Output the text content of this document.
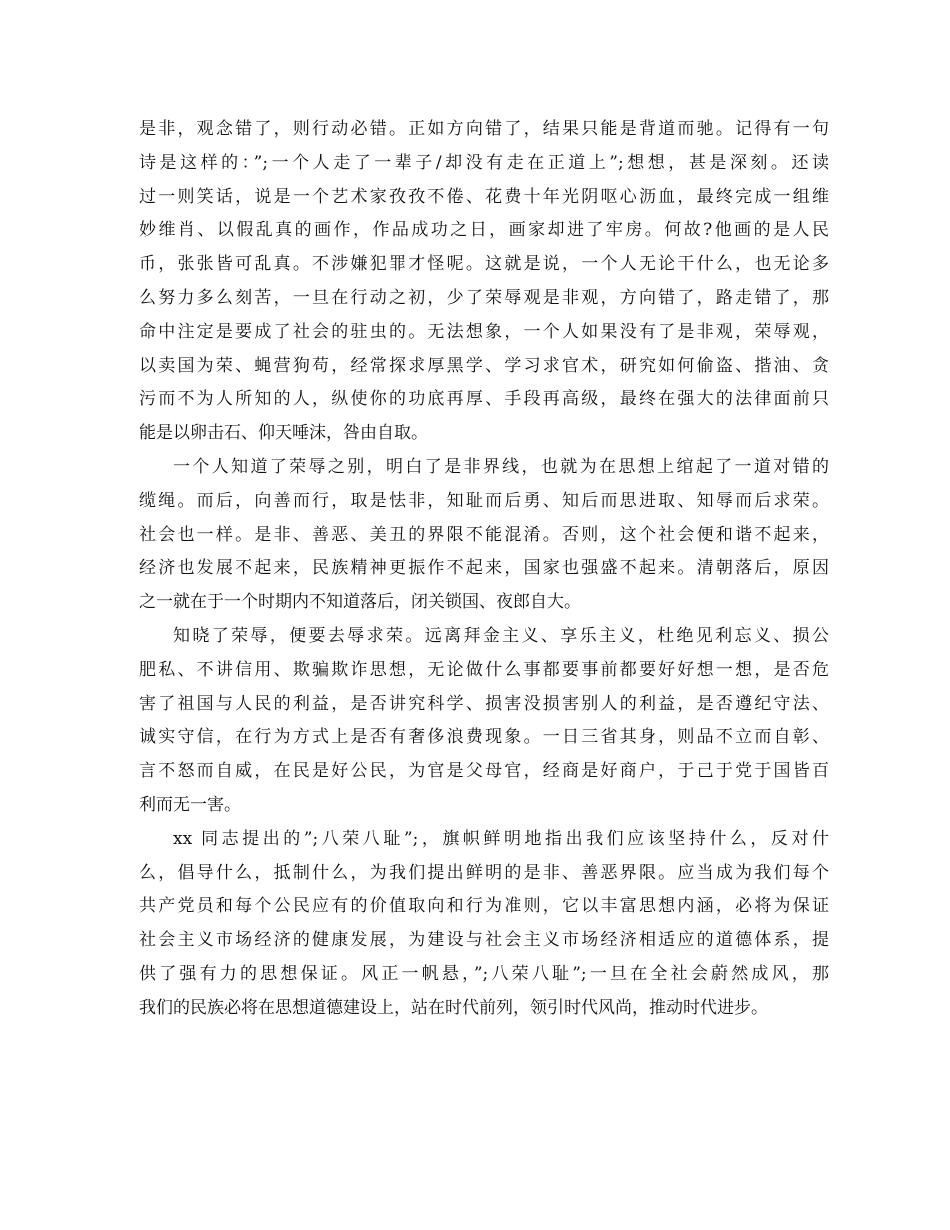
是非，观念错了，则行动必错。正如方向错了，结果只能是背道而驰。记得有一句
诗是这样的：”;一个人走了一辈子/却没有走在正道上”;想想，甚是深刻。还读
过一则笑话，说是一个艺术家孜孜不倦、花费十年光阴呕心沥血，最终完成一组维
妙维肖、以假乱真的画作，作品成功之日，画家却进了牢房。何故?他画的是人民
币，张张皆可乱真。不涉嫌犯罪才怪呢。这就是说，一个人无论干什么，也无论多
么努力多么刻苦，一旦在行动之初，少了荣辱观是非观，方向错了，路走错了，那
命中注定是要成了社会的驻虫的。无法想象，一个人如果没有了是非观，荣辱观，
以卖国为荣、蝇营狗苟，经常探求厚黑学、学习求官术，研究如何偷盗、揩油、贪
污而不为人所知的人，纵使你的功底再厚、手段再高级，最终在强大的法律面前只
能是以卵击石、仰天唾沫，咎由自取。
一个人知道了荣辱之别，明白了是非界线，也就为在思想上绾起了一道对错的
缆绳。而后，向善而行，取是怯非，知耻而后勇、知后而思进取、知辱而后求荣。
社会也一样。是非、善恶、美丑的界限不能混淆。否则，这个社会便和谐不起来，
经济也发展不起来，民族精神更振作不起来，国家也强盛不起来。清朝落后，原因
之一就在于一个时期内不知道落后，闭关锁国、夜郎自大。
知晓了荣辱，便要去辱求荣。远离拜金主义、享乐主义，杜绝见利忘义、损公
肥私、不讲信用、欺骗欺诈思想，无论做什么事都要事前都要好好想一想，是否危
害了祖国与人民的利益，是否讲究科学、损害没损害别人的利益，是否遵纪守法、
诚实守信，在行为方式上是否有奢侈浪费现象。一日三省其身，则品不立而自彰、
言不怒而自威，在民是好公民，为官是父母官，经商是好商户，于己于党于国皆百
利而无一害。
xx 同志提出的”;八荣八耻”;，旗帜鲜明地指出我们应该坚持什么，反对什
么，倡导什么，抵制什么，为我们提出鲜明的是非、善恶界限。应当成为我们每个
共产党员和每个公民应有的价值取向和行为准则，它以丰富思想内涵，必将为保证
社会主义市场经济的健康发展，为建设与社会主义市场经济相适应的道德体系，提
供了强有力的思想保证。风正一帆悬，”;八荣八耻”;一旦在全社会蔚然成风，那
我们的民族必将在思想道德建设上，站在时代前列，领引时代风尚，推动时代进步。
